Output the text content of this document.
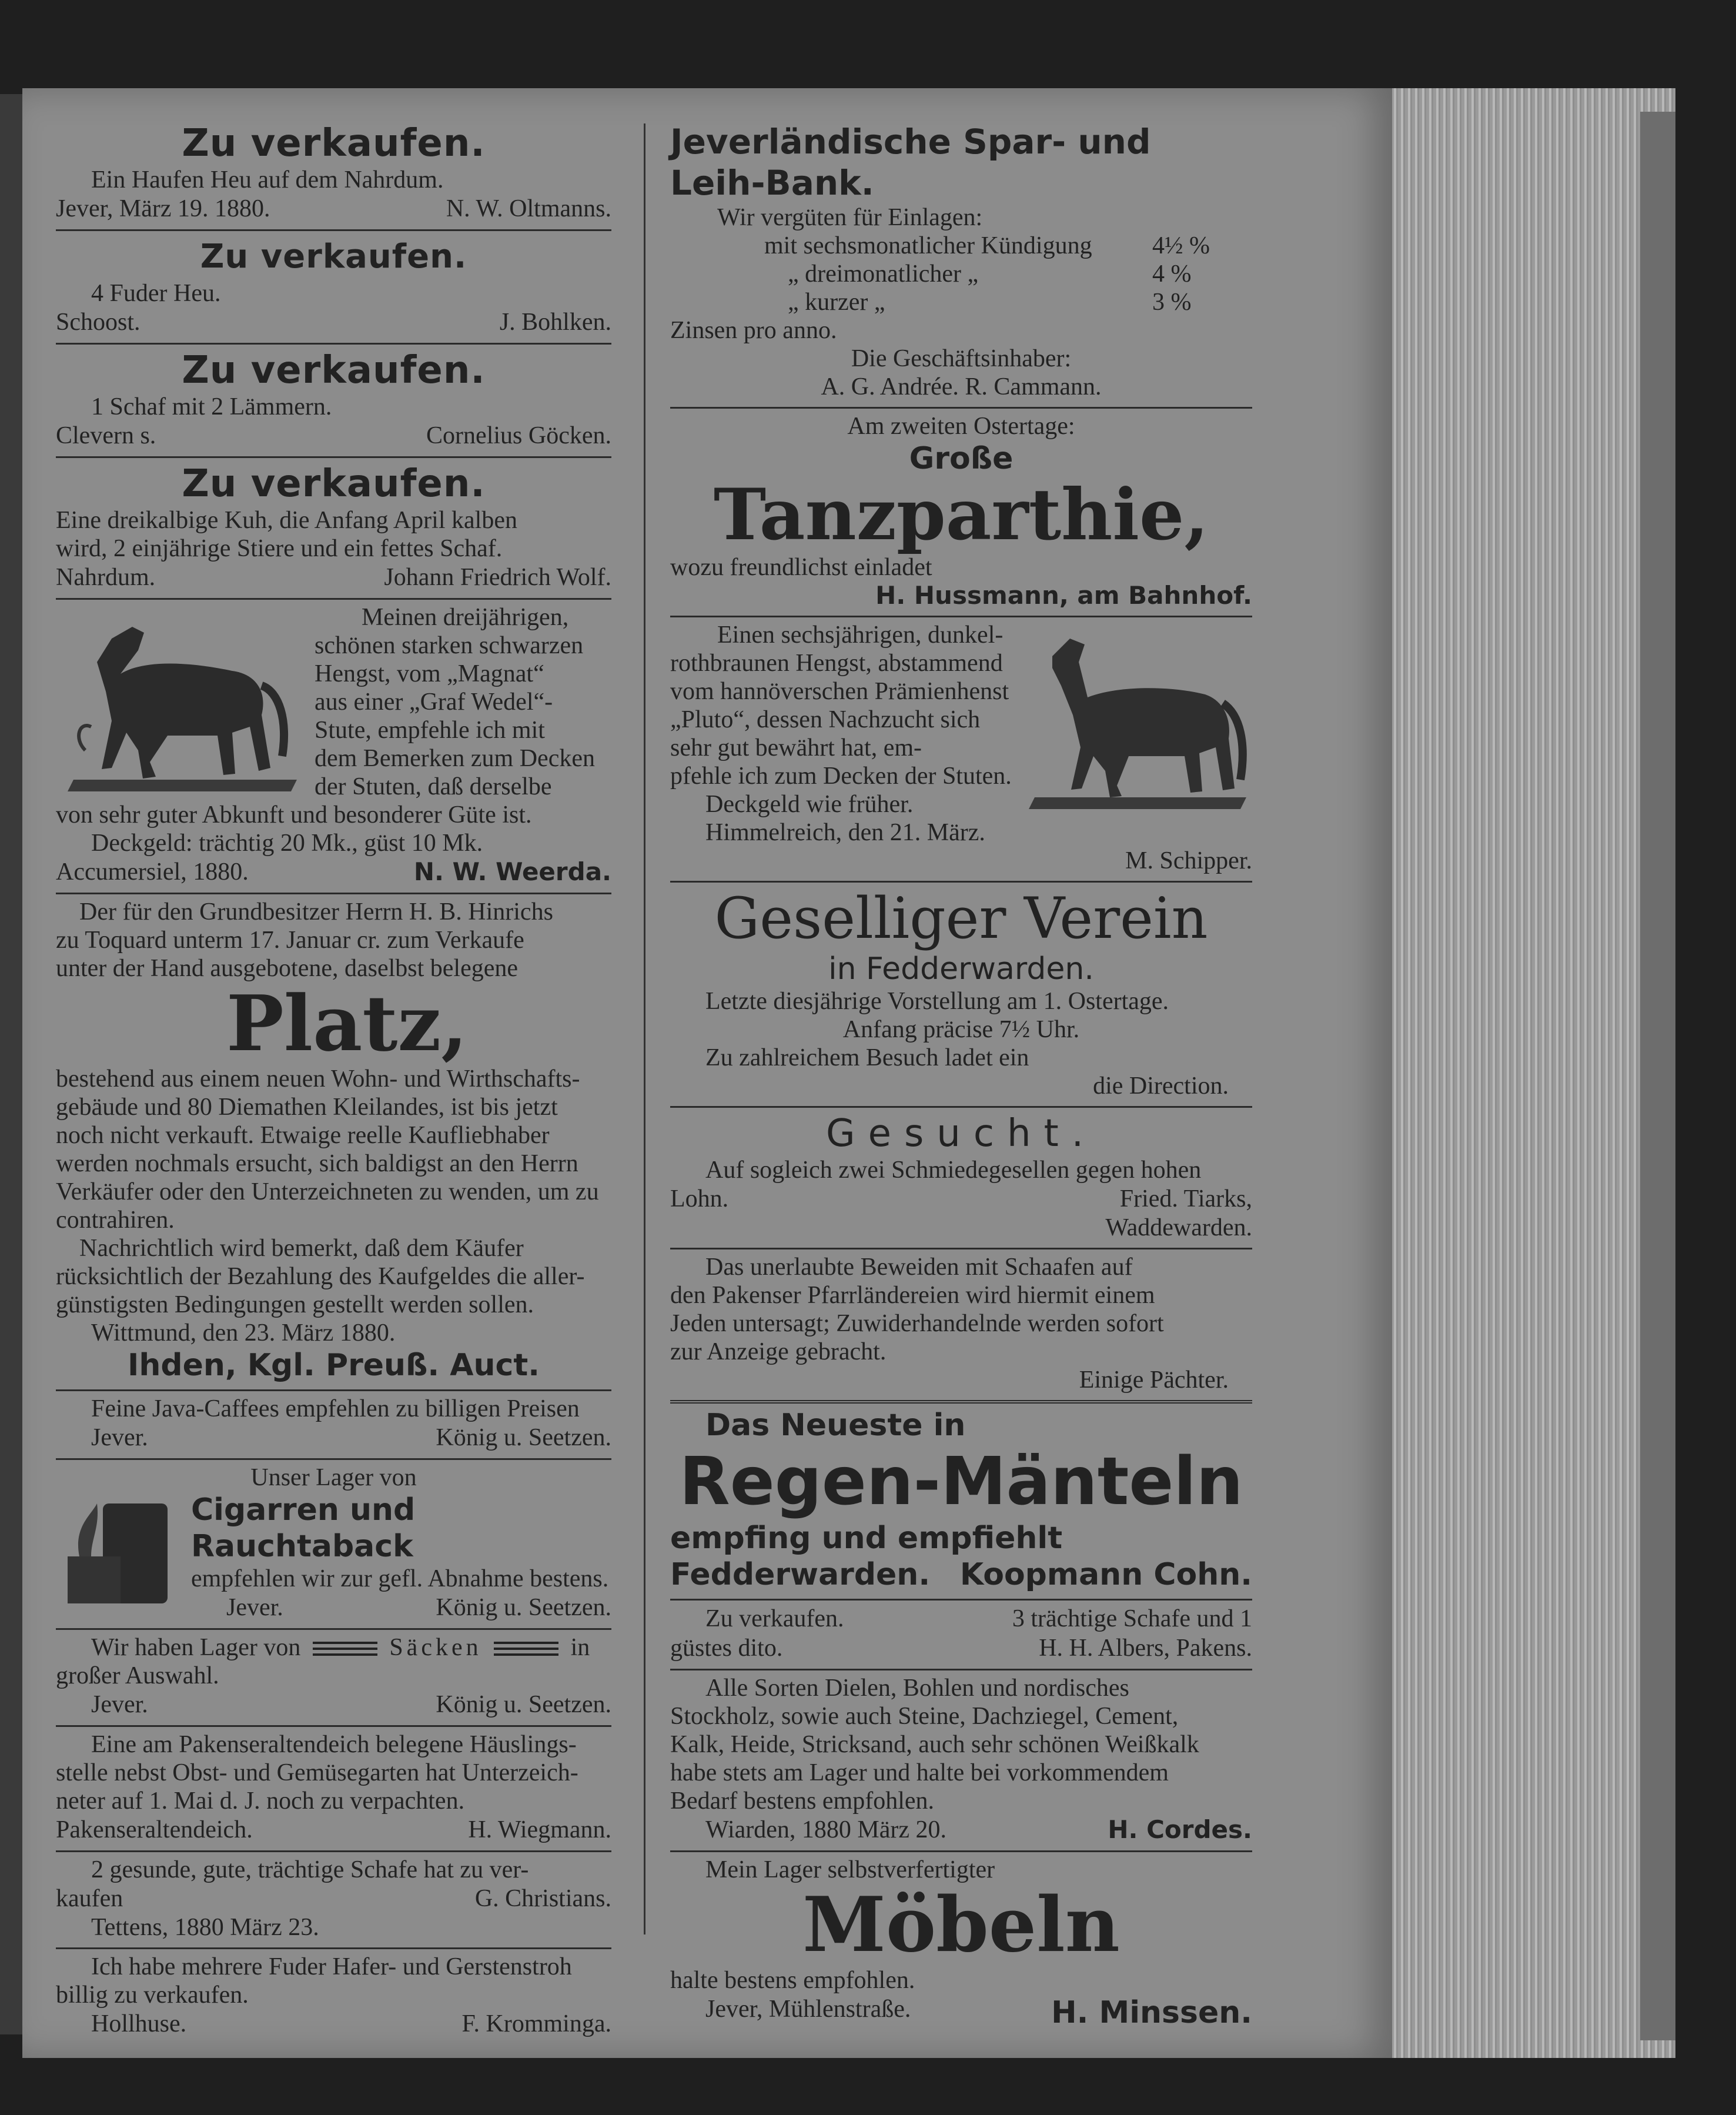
Zu verkaufen.
Ein Haufen Heu auf dem Nahrdum.
Jever, März 19. 1880.	N. W. Oltmanns.
Zu verkaufen.
4 Fuder Heu.
Schoost.	J. Bohlken.
Zu verkaufen.
1 Schaf mit 2 Lämmern.
Clevern s.	Cornelius Göcken.
Zu verkaufen.
Eine dreikalbige Kuh, die Anfang April kalben
wird, 2 einjährige Stiere und ein fettes Schaf.
Nahrdum.	Johann Friedrich Wolf.
Meinen dreijährigen,
schönen starken schwarzen
Hengst, vom „Magnat“
aus einer „Graf Wedel“-
Stute, empfehle ich mit
dem Bemerken zum Decken
der Stuten, daß derselbe
von sehr guter Abkunft und besonderer Güte ist.
Deckgeld: trächtig 20 Mk., güst 10 Mk.
Accumersiel, 1880.	N. W. Weerda.
Der für den Grundbesitzer Herrn H. B. Hinrichs
zu Toquard unterm 17. Januar cr. zum Verkaufe
unter der Hand ausgebotene, daselbst belegene
Platz,
bestehend aus einem neuen Wohn- und Wirthschafts-
gebäude und 80 Diemathen Kleilandes, ist bis jetzt
noch nicht verkauft. Etwaige reelle Kaufliebhaber
werden nochmals ersucht, sich baldigst an den Herrn
Verkäufer oder den Unterzeichneten zu wenden, um zu
contrahiren.
Nachrichtlich wird bemerkt, daß dem Käufer
rücksichtlich der Bezahlung des Kaufgeldes die aller-
günstigsten Bedingungen gestellt werden sollen.
Wittmund, den 23. März 1880.
Ihden, Kgl. Preuß. Auct.
Feine Java-Caffees empfehlen zu billigen Preisen
Jever.	König u. Seetzen.
Unser Lager von
Cigarren und Rauchtaback
empfehlen wir zur gefl. Abnahme bestens.
Jever.	König u. Seetzen.
Wir haben Lager von	Säcken	in
großer Auswahl.
Jever.	König u. Seetzen.
Eine am Pakenseraltendeich belegene Häuslings-
stelle nebst Obst- und Gemüsegarten hat Unterzeich-
neter auf 1. Mai d. J. noch zu verpachten.
Pakenseraltendeich.	H. Wiegmann.
2 gesunde, gute, trächtige Schafe hat zu ver-
kaufen	G. Christians.
Tettens, 1880 März 23.
Ich habe mehrere Fuder Hafer- und Gerstenstroh
billig zu verkaufen.
Hollhuse.	F. Kromminga.
Jeverländische Spar- und Leih-Bank.
Wir vergüten für Einlagen:
mit sechsmonatlicher Kündigung	4½ %
„ dreimonatlicher „	4 %
„ kurzer „	3 %
Zinsen pro anno.
Die Geschäftsinhaber:
A. G. Andrée. R. Cammann.
Am zweiten Ostertage:
Große
Tanzparthie,
wozu freundlichst einladet
H. Hussmann, am Bahnhof.
Einen sechsjährigen, dunkel-
rothbraunen Hengst, abstammend
vom hannöverschen Prämienhenst
„Pluto“, dessen Nachzucht sich
sehr gut bewährt hat, em-
pfehle ich zum Decken der Stuten.
Deckgeld wie früher.
Himmelreich, den 21. März.
M. Schipper.
Geselliger Verein
in Fedderwarden.
Letzte diesjährige Vorstellung am 1. Ostertage.
Anfang präcise 7½ Uhr.
Zu zahlreichem Besuch ladet ein
die Direction.
Gesucht.
Auf sogleich zwei Schmiedegesellen gegen hohen
Lohn.	Fried. Tiarks,
Waddewarden.
Das unerlaubte Beweiden mit Schaafen auf
den Pakenser Pfarrländereien wird hiermit einem
Jeden untersagt; Zuwiderhandelnde werden sofort
zur Anzeige gebracht.
Einige Pächter.
Das Neueste in
Regen-Mänteln
empfing und empfiehlt
Fedderwarden. Koopmann Cohn.
Zu verkaufen.	3 trächtige Schafe und 1
güstes dito.	H. H. Albers, Pakens.
Alle Sorten Dielen, Bohlen und nordisches
Stockholz, sowie auch Steine, Dachziegel, Cement,
Kalk, Heide, Stricksand, auch sehr schönen Weißkalk
habe stets am Lager und halte bei vorkommendem
Bedarf bestens empfohlen.
Wiarden, 1880 März 20.	H. Cordes.
Mein Lager selbstverfertigter
Möbeln
halte bestens empfohlen.
Jever, Mühlenstraße.	H. Minssen.
